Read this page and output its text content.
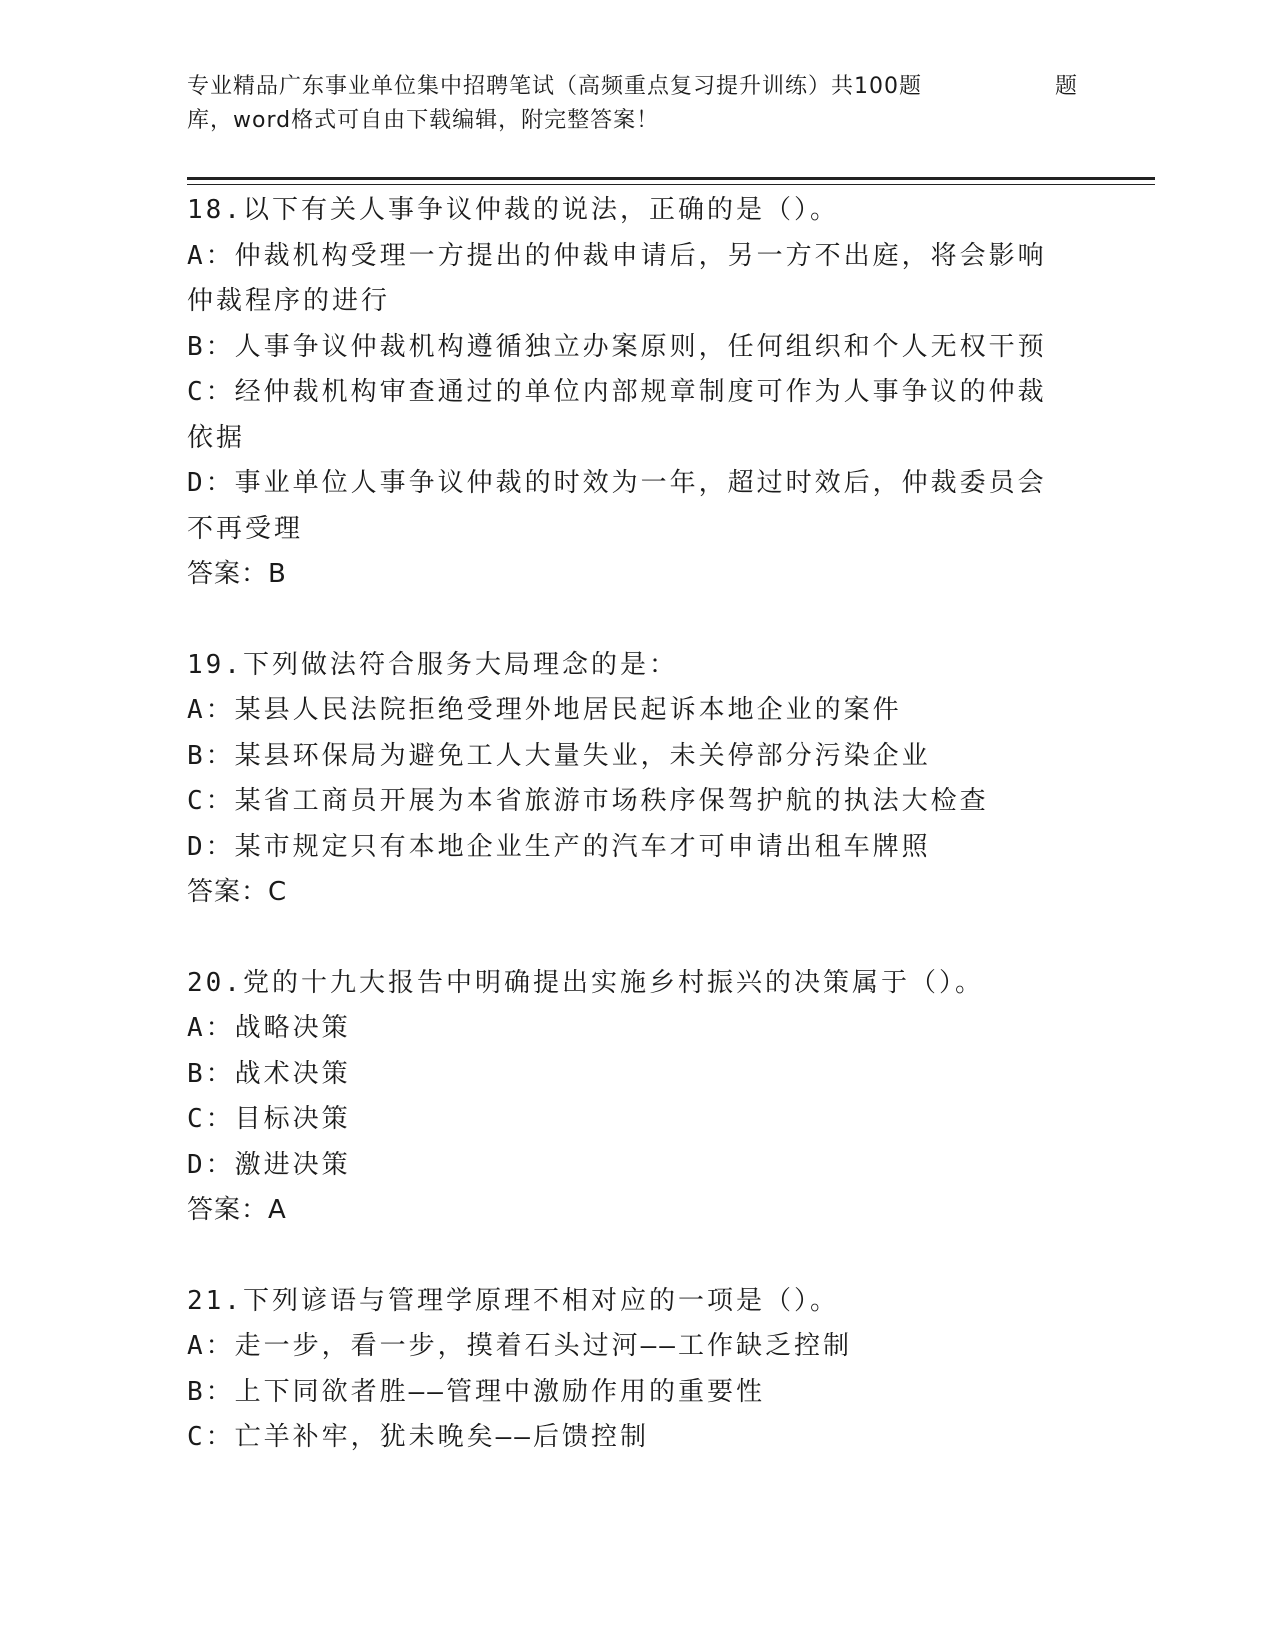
专业精品广东事业单位集中招聘笔试（高频重点复习提升训练）共100题	题
库，word格式可自由下载编辑，附完整答案！
18.以下有关人事争议仲裁的说法，正确的是（）。
A：仲裁机构受理一方提出的仲裁申请后，另一方不出庭，将会影响仲裁程序的进行
B：人事争议仲裁机构遵循独立办案原则，任何组织和个人无权干预
C：经仲裁机构审查通过的单位内部规章制度可作为人事争议的仲裁依据
D：事业单位人事争议仲裁的时效为一年，超过时效后，仲裁委员会不再受理
答案：B
19.下列做法符合服务大局理念的是：
A：某县人民法院拒绝受理外地居民起诉本地企业的案件
B：某县环保局为避免工人大量失业，未关停部分污染企业
C：某省工商员开展为本省旅游市场秩序保驾护航的执法大检查
D：某市规定只有本地企业生产的汽车才可申请出租车牌照
答案：C
20.党的十九大报告中明确提出实施乡村振兴的决策属于（）。
A：战略决策
B：战术决策
C：目标决策
D：激进决策
答案：A
21.下列谚语与管理学原理不相对应的一项是（）。
A：走一步，看一步，摸着石头过河——工作缺乏控制
B：上下同欲者胜——管理中激励作用的重要性
C：亡羊补牢，犹未晚矣——后馈控制
